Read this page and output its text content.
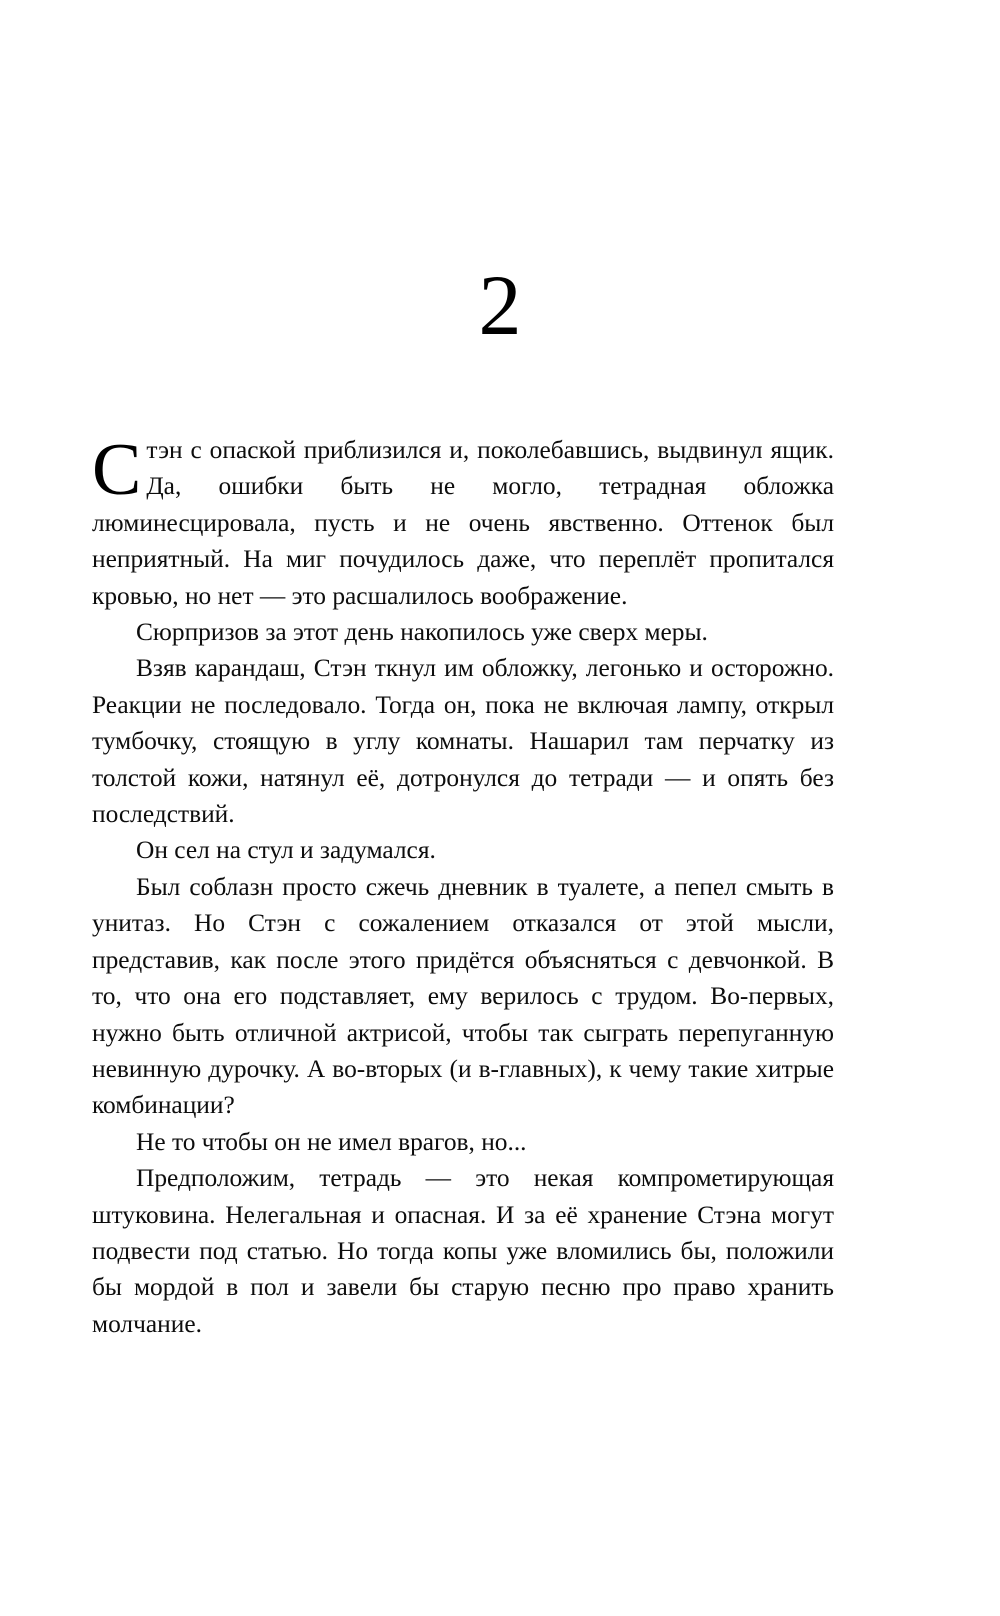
2

Стэн с опаской приблизился и, поколебавшись, выдвинул ящик. Да, ошибки быть не могло, тетрадная обложка люминесцировала, пусть и не очень явственно. Оттенок был неприятный. На миг почудилось даже, что переплёт пропитался кровью, но нет — это расшалилось воображение.

Сюрпризов за этот день накопилось уже сверх меры.

Взяв карандаш, Стэн ткнул им обложку, легонько и осторожно. Реакции не последовало. Тогда он, пока не включая лампу, открыл тумбочку, стоящую в углу комнаты. Нашарил там перчатку из толстой кожи, натянул её, дотронулся до тетради — и опять без последствий.

Он сел на стул и задумался.

Был соблазн просто сжечь дневник в туалете, а пепел смыть в унитаз. Но Стэн с сожалением отказался от этой мысли, представив, как после этого придётся объясняться с девчонкой. В то, что она его подставляет, ему верилось с трудом. Во-первых, нужно быть отличной актрисой, чтобы так сыграть перепуганную невинную дурочку. А во-вторых (и в-главных), к чему такие хитрые комбинации?

Не то чтобы он не имел врагов, но...

Предположим, тетрадь — это некая компрометирующая штуковина. Нелегальная и опасная. И за её хранение Стэна могут подвести под статью. Но тогда копы уже вломились бы, положили бы мордой в пол и завели бы старую песню про право хранить молчание.
